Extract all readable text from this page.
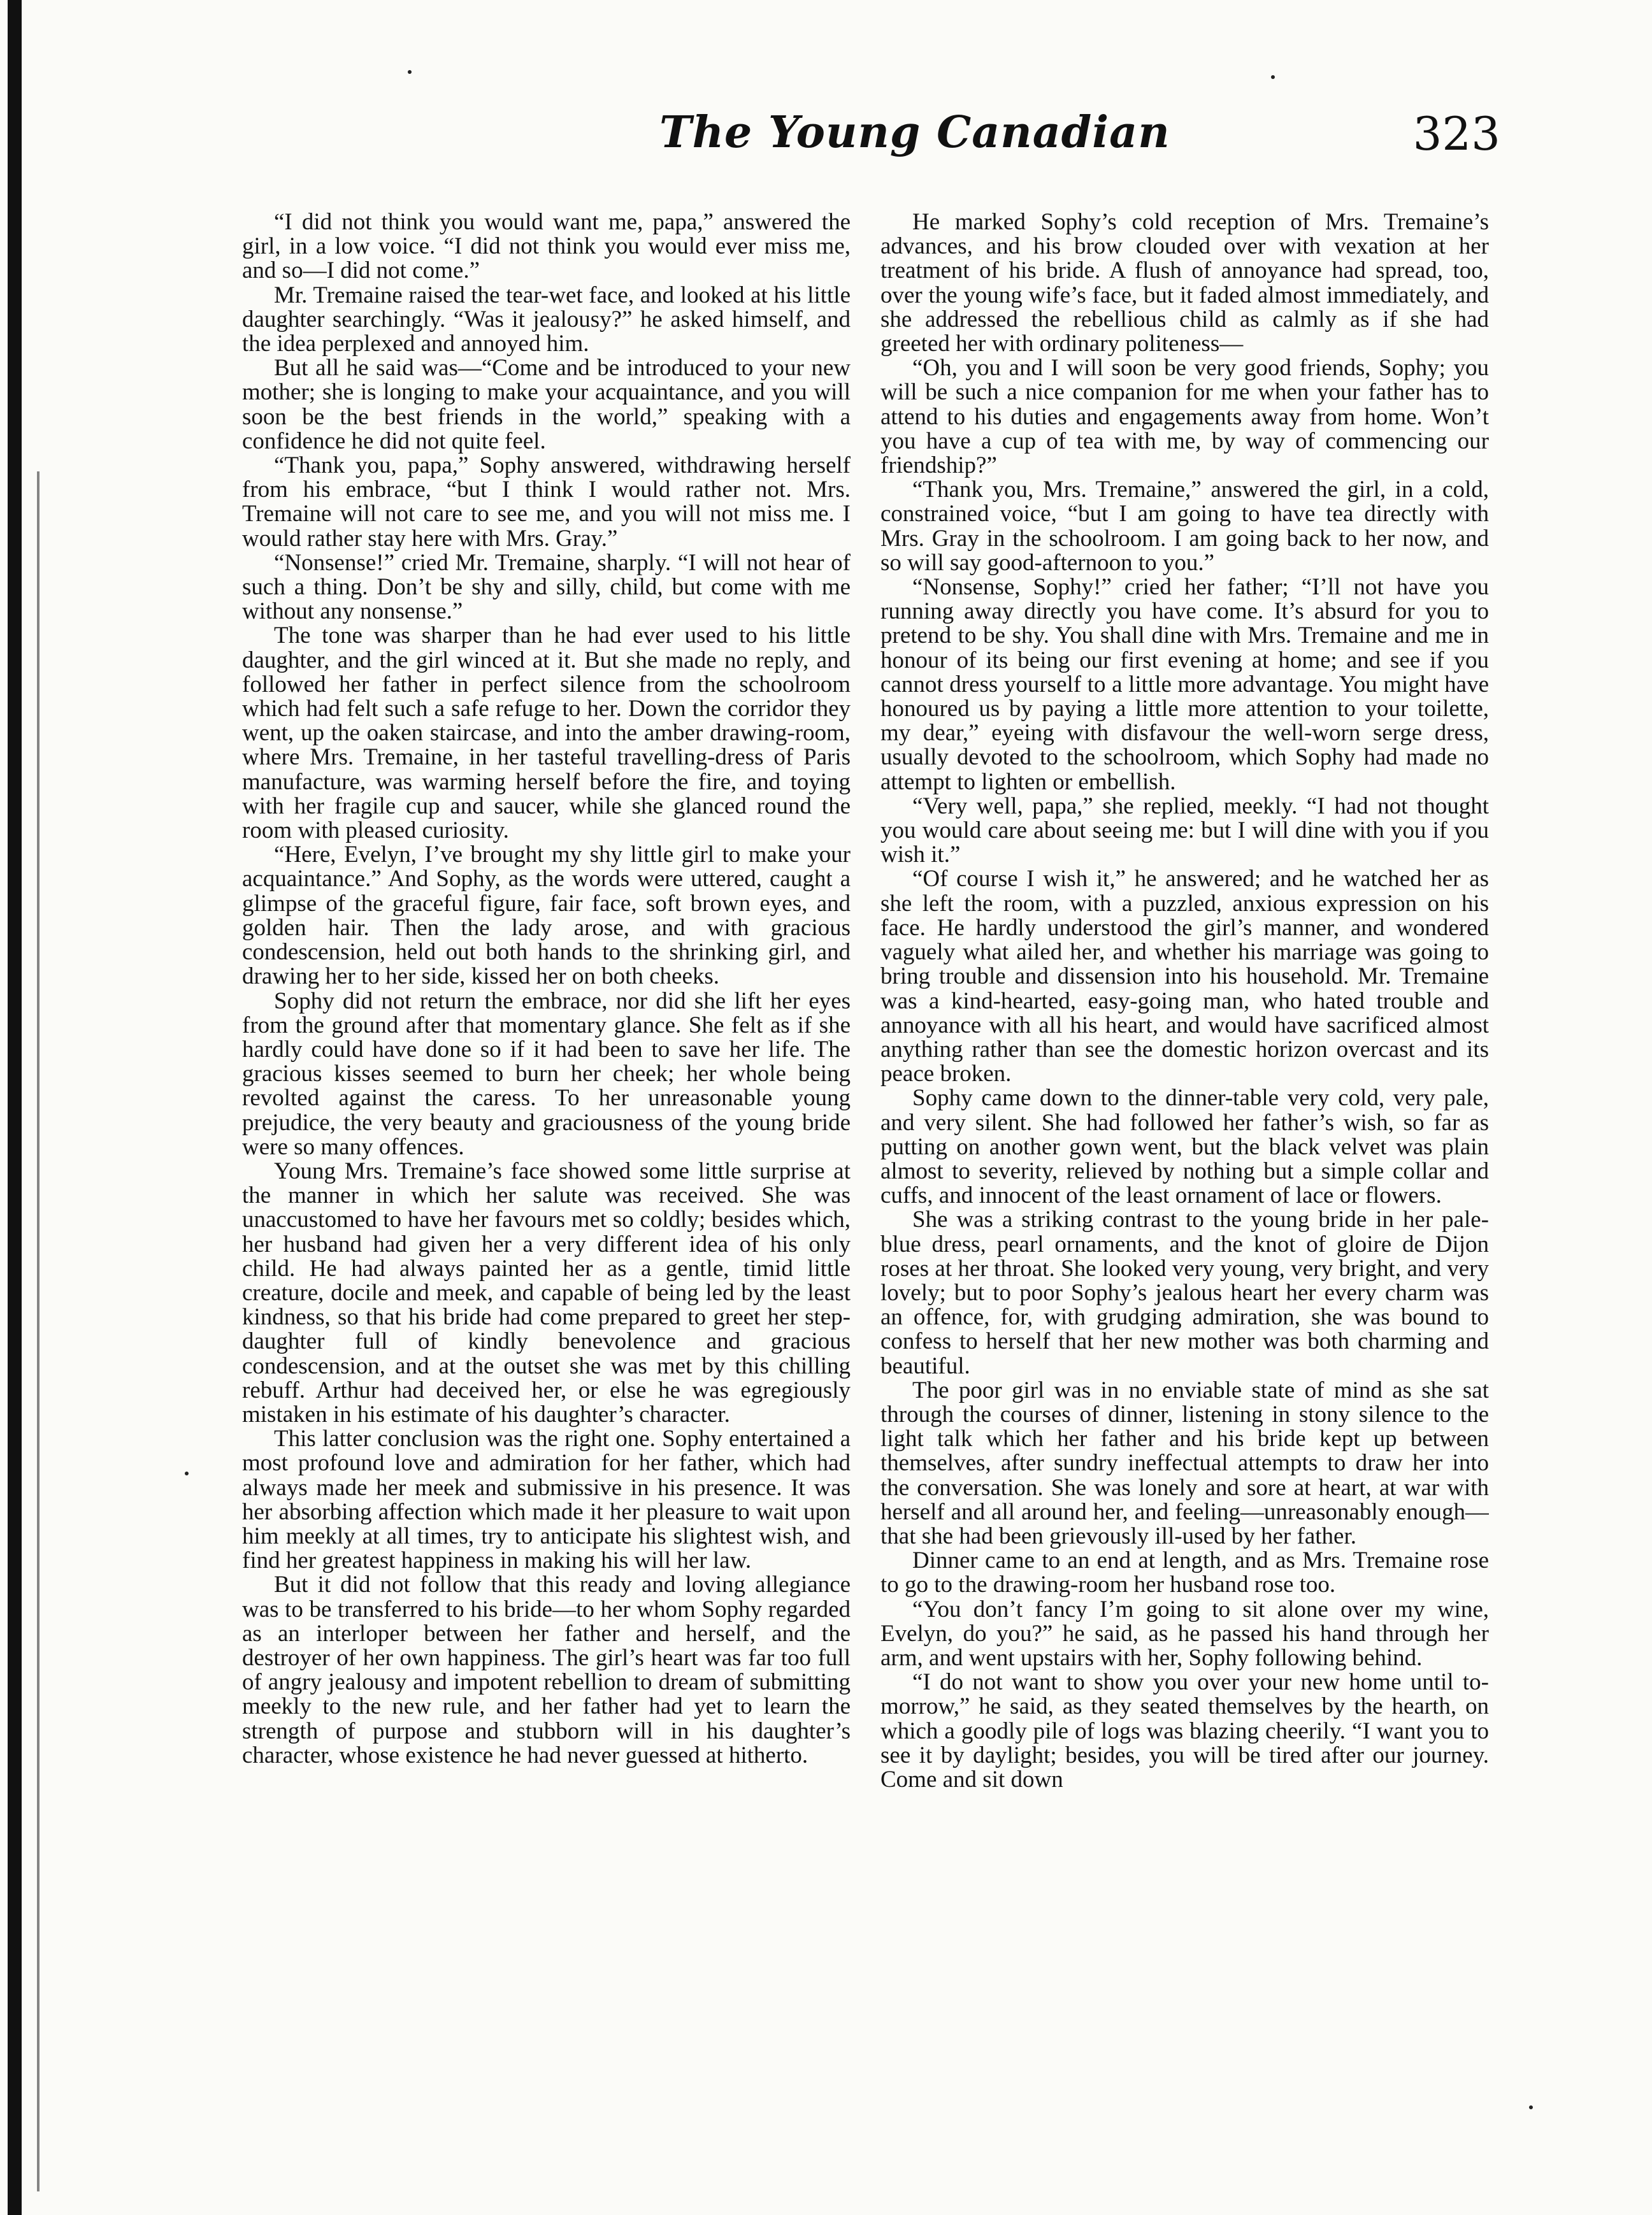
The Young Canadian	323

“I did not think you would want me, papa,” answered the girl, in a low voice. “I did not think you would ever miss me, and so—I did not come.”

Mr. Tremaine raised the tear-wet face, and looked at his little daughter searchingly. “Was it jealousy?” he asked himself, and the idea perplexed and annoyed him.

But all he said was—“Come and be introduced to your new mother; she is longing to make your acquaintance, and you will soon be the best friends in the world,” speaking with a confidence he did not quite feel.

“Thank you, papa,” Sophy answered, withdrawing herself from his embrace, “but I think I would rather not. Mrs. Tremaine will not care to see me, and you will not miss me. I would rather stay here with Mrs. Gray.”

“Nonsense!” cried Mr. Tremaine, sharply. “I will not hear of such a thing. Don’t be shy and silly, child, but come with me without any nonsense.”

The tone was sharper than he had ever used to his little daughter, and the girl winced at it. But she made no reply, and followed her father in perfect silence from the schoolroom which had felt such a safe refuge to her. Down the corridor they went, up the oaken staircase, and into the amber drawing-room, where Mrs. Tremaine, in her tasteful travelling-dress of Paris manufacture, was warming herself before the fire, and toying with her fragile cup and saucer, while she glanced round the room with pleased curiosity.

“Here, Evelyn, I’ve brought my shy little girl to make your acquaintance.” And Sophy, as the words were uttered, caught a glimpse of the graceful figure, fair face, soft brown eyes, and golden hair. Then the lady arose, and with gracious condescension, held out both hands to the shrinking girl, and drawing her to her side, kissed her on both cheeks.

Sophy did not return the embrace, nor did she lift her eyes from the ground after that momentary glance. She felt as if she hardly could have done so if it had been to save her life. The gracious kisses seemed to burn her cheek; her whole being revolted against the caress. To her unreasonable young prejudice, the very beauty and graciousness of the young bride were so many offences.

Young Mrs. Tremaine’s face showed some little surprise at the manner in which her salute was received. She was unaccustomed to have her favours met so coldly; besides which, her husband had given her a very different idea of his only child. He had always painted her as a gentle, timid little creature, docile and meek, and capable of being led by the least kindness, so that his bride had come prepared to greet her step-daughter full of kindly benevolence and gracious condescension, and at the outset she was met by this chilling rebuff. Arthur had deceived her, or else he was egregiously mistaken in his estimate of his daughter’s character.

This latter conclusion was the right one. Sophy entertained a most profound love and admiration for her father, which had always made her meek and submissive in his presence. It was her absorbing affection which made it her pleasure to wait upon him meekly at all times, try to anticipate his slightest wish, and find her greatest happiness in making his will her law.

But it did not follow that this ready and loving allegiance was to be transferred to his bride—to her whom Sophy regarded as an interloper between her father and herself, and the destroyer of her own happiness. The girl’s heart was far too full of angry jealousy and impotent rebellion to dream of submitting meekly to the new rule, and her father had yet to learn the strength of purpose and stubborn will in his daughter’s character, whose existence he had never guessed at hitherto.

He marked Sophy’s cold reception of Mrs. Tremaine’s advances, and his brow clouded over with vexation at her treatment of his bride. A flush of annoyance had spread, too, over the young wife’s face, but it faded almost immediately, and she addressed the rebellious child as calmly as if she had greeted her with ordinary politeness—

“Oh, you and I will soon be very good friends, Sophy; you will be such a nice companion for me when your father has to attend to his duties and engagements away from home. Won’t you have a cup of tea with me, by way of commencing our friendship?”

“Thank you, Mrs. Tremaine,” answered the girl, in a cold, constrained voice, “but I am going to have tea directly with Mrs. Gray in the schoolroom. I am going back to her now, and so will say good-afternoon to you.”

“Nonsense, Sophy!” cried her father; “I’ll not have you running away directly you have come. It’s absurd for you to pretend to be shy. You shall dine with Mrs. Tremaine and me in honour of its being our first evening at home; and see if you cannot dress yourself to a little more advantage. You might have honoured us by paying a little more attention to your toilette, my dear,” eyeing with disfavour the well-worn serge dress, usually devoted to the schoolroom, which Sophy had made no attempt to lighten or embellish.

“Very well, papa,” she replied, meekly. “I had not thought you would care about seeing me: but I will dine with you if you wish it.”

“Of course I wish it,” he answered; and he watched her as she left the room, with a puzzled, anxious expression on his face. He hardly understood the girl’s manner, and wondered vaguely what ailed her, and whether his marriage was going to bring trouble and dissension into his household. Mr. Tremaine was a kind-hearted, easy-going man, who hated trouble and annoyance with all his heart, and would have sacrificed almost anything rather than see the domestic horizon overcast and its peace broken.

Sophy came down to the dinner-table very cold, very pale, and very silent. She had followed her father’s wish, so far as putting on another gown went, but the black velvet was plain almost to severity, relieved by nothing but a simple collar and cuffs, and innocent of the least ornament of lace or flowers.

She was a striking contrast to the young bride in her pale-blue dress, pearl ornaments, and the knot of gloire de Dijon roses at her throat. She looked very young, very bright, and very lovely; but to poor Sophy’s jealous heart her every charm was an offence, for, with grudging admiration, she was bound to confess to herself that her new mother was both charming and beautiful.

The poor girl was in no enviable state of mind as she sat through the courses of dinner, listening in stony silence to the light talk which her father and his bride kept up between themselves, after sundry ineffectual attempts to draw her into the conversation. She was lonely and sore at heart, at war with herself and all around her, and feeling—unreasonably enough—that she had been grievously ill-used by her father.

Dinner came to an end at length, and as Mrs. Tremaine rose to go to the drawing-room her husband rose too.

“You don’t fancy I’m going to sit alone over my wine, Evelyn, do you?” he said, as he passed his hand through her arm, and went upstairs with her, Sophy following behind.

“I do not want to show you over your new home until to-morrow,” he said, as they seated themselves by the hearth, on which a goodly pile of logs was blazing cheerily. “I want you to see it by daylight; besides, you will be tired after our journey. Come and sit down
